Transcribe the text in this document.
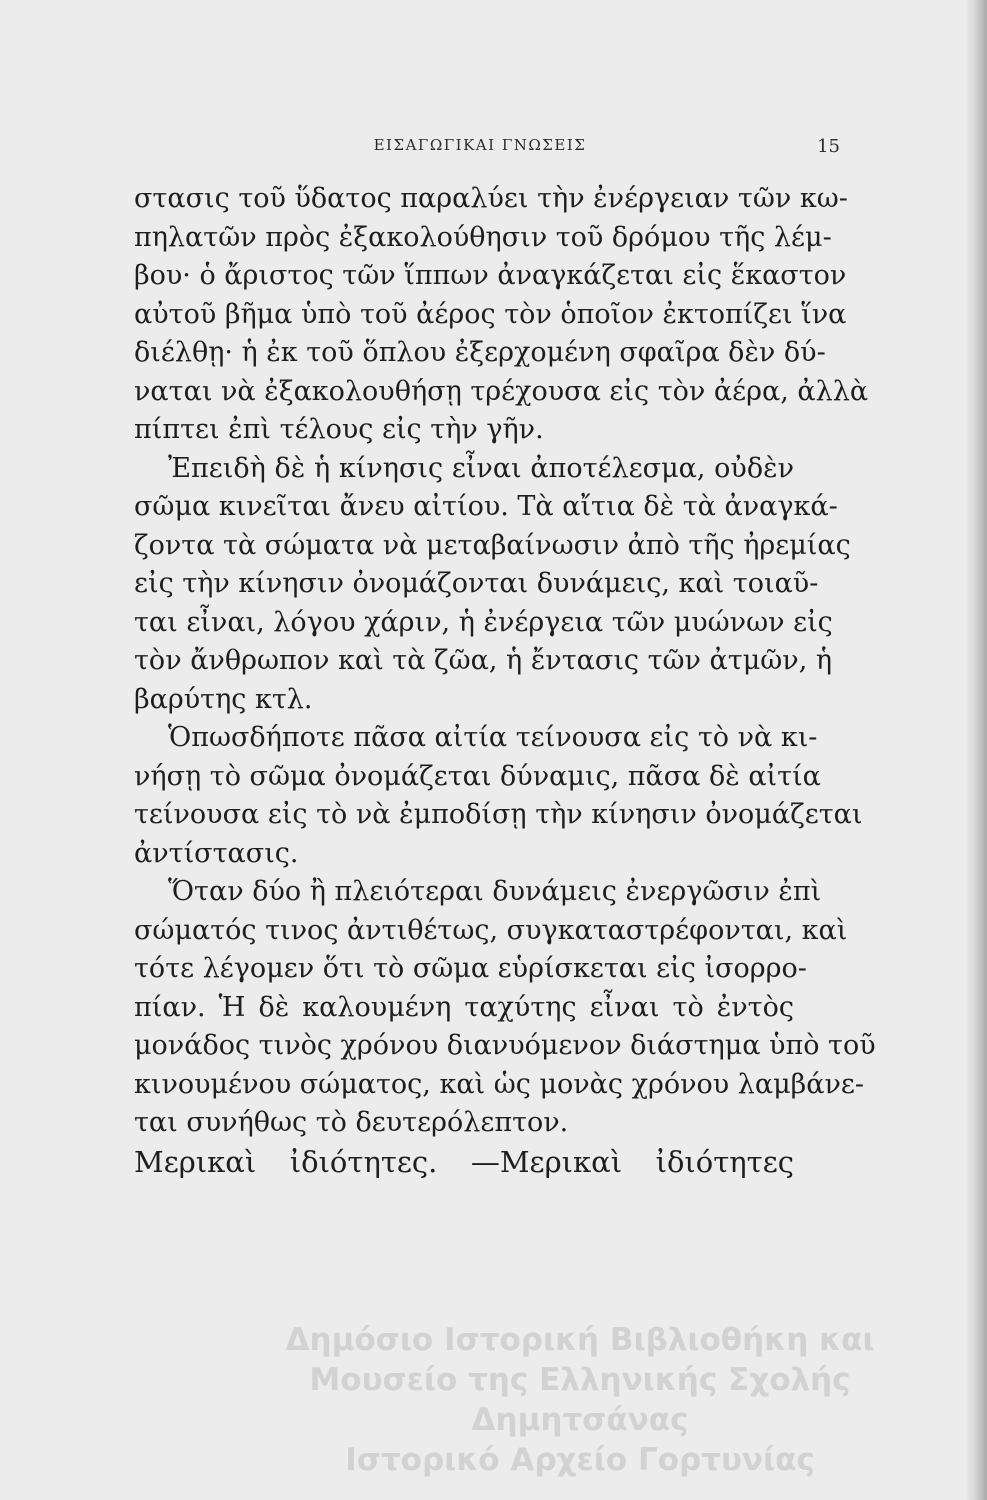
ΕΙΣΑΓΩΓΙΚΑΙ ΓΝΩΣΕΙΣ	15
στασις τοῦ ὕδατος παραλύει τὴν ἐνέργειαν τῶν κω-
πηλατῶν πρὸς ἐξακολούθησιν τοῦ δρόμου τῆς λέμ-
βου· ὁ ἄριστος τῶν ἵππων ἀναγκάζεται εἰς ἕκαστον
αὐτοῦ βῆμα ὑπὸ τοῦ ἀέρος τὸν ὁποῖον ἐκτοπίζει ἵνα
διέλθῃ· ἡ ἐκ τοῦ ὅπλου ἐξερχομένη σφαῖρα δὲν δύ-
ναται νὰ ἐξακολουθήσῃ τρέχουσα εἰς τὸν ἀέρα, ἀλλὰ
πίπτει ἐπὶ τέλους εἰς τὴν γῆν.
Ἐπειδὴ δὲ ἡ κίνησις εἶναι ἀποτέλεσμα, οὐδὲν
σῶμα κινεῖται ἄνευ αἰτίου. Τὰ αἴτια δὲ τὰ ἀναγκά-
ζοντα τὰ σώματα νὰ μεταβαίνωσιν ἀπὸ τῆς ἠρεμίας
εἰς τὴν κίνησιν ὀνομάζονται δυνάμεις, καὶ τοιαῦ-
ται εἶναι, λόγου χάριν, ἡ ἐνέργεια τῶν μυώνων εἰς
τὸν ἄνθρωπον καὶ τὰ ζῶα, ἡ ἔντασις τῶν ἀτμῶν, ἡ
βαρύτης κτλ.
Ὁπωσδήποτε πᾶσα αἰτία τείνουσα εἰς τὸ νὰ κι-
νήσῃ τὸ σῶμα ὀνομάζεται δύναμις, πᾶσα δὲ αἰτία
τείνουσα εἰς τὸ νὰ ἐμποδίσῃ τὴν κίνησιν ὀνομάζεται
ἀντίστασις.
Ὅταν δύο ἢ πλειότεραι δυνάμεις ἐνεργῶσιν ἐπὶ
σώματός τινος ἀντιθέτως, συγκαταστρέφονται, καὶ
τότε λέγομεν ὅτι τὸ σῶμα εὑρίσκεται εἰς ἰσορρο-
πίαν. Ἡ δὲ καλουμένη ταχύτης εἶναι τὸ ἐντὸς
μονάδος τινὸς χρόνου διανυόμενον διάστημα ὑπὸ τοῦ
κινουμένου σώματος, καὶ ὡς μονὰς χρόνου λαμβάνε-
ται συνήθως τὸ δευτερόλεπτον.
Μερικαὶ ἰδιότητες. —Μερικαὶ ἰδιότητες
Δημόσιο Ιστορική Βιβλιοθήκη και
Μουσείο της Ελληνικής Σχολής Δημητσάνας
Ιστορικό Αρχείο Γορτυνίας
